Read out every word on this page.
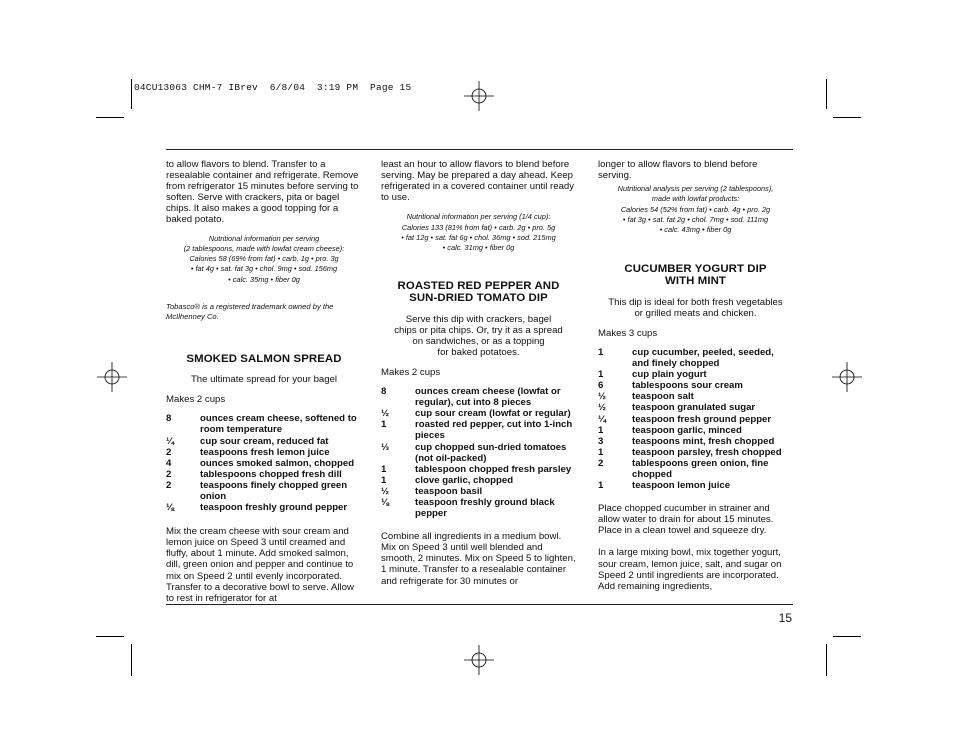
04CU13063 CHM-7 IBrev  6/8/04  3:19 PM  Page 15

to allow flavors to blend. Transfer to a resealable container and refrigerate. Remove from refrigerator 15 minutes before serving to soften. Serve with crackers, pita or bagel chips. It also makes a good topping for a baked potato.

Nutritional information per serving
(2 tablespoons, made with lowfat cream cheese):
Calories 58 (69% from fat) • carb. 1g • pro. 3g
• fat 4g • sat. fat 3g • chol. 9mg • sod. 156mg
• calc. 35mg • fiber 0g

Tobasco® is a registered trademark owned by the McIlhenney Co.

SMOKED SALMON SPREAD

The ultimate spread for your bagel

Makes 2 cups

8	ounces cream cheese, softened to room temperature
¼	cup sour cream, reduced fat
2	teaspoons fresh lemon juice
4	ounces smoked salmon, chopped
2	tablespoons chopped fresh dill
2	teaspoons finely chopped green onion
⅛	teaspoon freshly ground pepper

Mix the cream cheese with sour cream and lemon juice on Speed 3 until creamed and fluffy, about 1 minute. Add smoked salmon, dill, green onion and pepper and continue to mix on Speed 2 until evenly incorporated. Transfer to a decorative bowl to serve. Allow to rest in refrigerator for at

least an hour to allow flavors to blend before serving. May be prepared a day ahead. Keep refrigerated in a covered container until ready to use.

Nutritional information per serving (1/4 cup):
Calories 133 (81% from fat) • carb. 2g • pro. 5g
• fat 12g • sat. fat 6g • chol. 36mg • sod. 215mg
• calc. 31mg • fiber 0g
ROASTED RED PEPPER AND
SUN-DRIED TOMATO DIP
Serve this dip with crackers, bagel
chips or pita chips. Or, try it as a spread
on sandwiches, or as a topping
for baked potatoes.

Makes 2 cups

8	ounces cream cheese (lowfat or regular), cut into 8 pieces
½	cup sour cream (lowfat or regular)
1	roasted red pepper, cut into 1-inch pieces
⅓	cup chopped sun-dried tomatoes (not oil-packed)
1	tablespoon chopped fresh parsley
1	clove garlic, chopped
½	teaspoon basil
⅛	teaspoon freshly ground black pepper

Combine all ingredients in a medium bowl. Mix on Speed 3 until well blended and smooth, 2 minutes. Mix on Speed 5 to lighten, 1 minute. Transfer to a resealable container and refrigerate for 30 minutes or

longer to allow flavors to blend before serving.

Nutritional analysis per serving (2 tablespoons),
made with lowfat products:
Calories 54 (52% from fat) • carb. 4g • pro. 2g
• fat 3g • sat. fat 2g • chol. 7mg • sod. 111mg
• calc. 43mg • fiber 0g
CUCUMBER YOGURT DIP
WITH MINT
This dip is ideal for both fresh vegetables
or grilled meats and chicken.

Makes 3 cups

1	cup cucumber, peeled, seeded, and finely chopped
1	cup plain yogurt
6	tablespoons sour cream
½	teaspoon salt
½	teaspoon granulated sugar
¼	teaspoon fresh ground pepper
1	teaspoon garlic, minced
3	teaspoons mint, fresh chopped
1	teaspoon parsley, fresh chopped
2	tablespoons green onion, fine chopped
1	teaspoon lemon juice

Place chopped cucumber in strainer and allow water to drain for about 15 minutes. Place in a clean towel and squeeze dry.

In a large mixing bowl, mix together yogurt, sour cream, lemon juice, salt, and sugar on Speed 2 until ingredients are incorporated. Add remaining ingredients,

15
